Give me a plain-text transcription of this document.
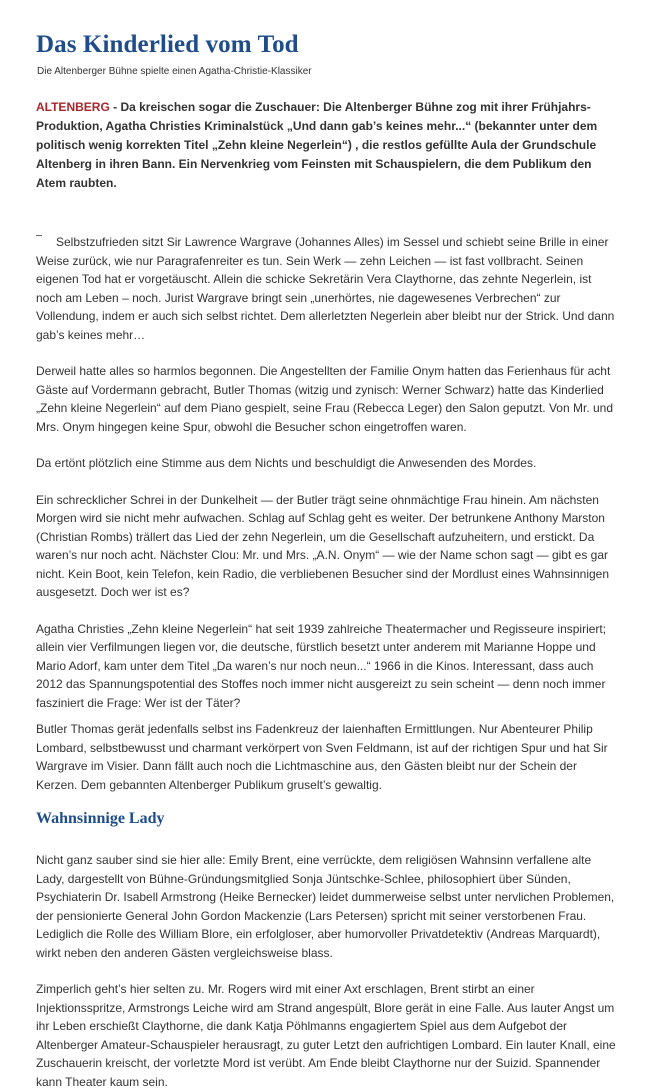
Das Kinderlied vom Tod
Die Altenberger Bühne spielte einen Agatha-Christie-Klassiker

ALTENBERG - Da kreischen sogar die Zuschauer: Die Altenberger Bühne zog mit ihrer Frühjahrs-Produktion, Agatha Christies Kriminalstück „Und dann gab’s keines mehr...“ (bekannter unter dem politisch wenig korrekten Titel „Zehn kleine Negerlein“) , die restlos gefüllte Aula der Grundschule Altenberg in ihren Bann. Ein Nervenkrieg vom Feinsten mit Schauspielern, die dem Publikum den Atem raubten.

Selbstzufrieden sitzt Sir Lawrence Wargrave (Johannes Alles) im Sessel und schiebt seine Brille in einer Weise zurück, wie nur Paragrafenreiter es tun. Sein Werk — zehn Leichen — ist fast vollbracht. Seinen eigenen Tod hat er vorgetäuscht. Allein die schicke Sekretärin Vera Claythorne, das zehnte Negerlein, ist noch am Leben – noch. Jurist Wargrave bringt sein „unerhörtes, nie dagewesenes Verbrechen“ zur Vollendung, indem er auch sich selbst richtet. Dem allerletzten Negerlein aber bleibt nur der Strick. Und dann gab’s keines mehr…

Derweil hatte alles so harmlos begonnen. Die Angestellten der Familie Onym hatten das Ferienhaus für acht Gäste auf Vordermann gebracht, Butler Thomas (witzig und zynisch: Werner Schwarz) hatte das Kinderlied „Zehn kleine Negerlein“ auf dem Piano gespielt, seine Frau (Rebecca Leger) den Salon geputzt. Von Mr. und Mrs. Onym hingegen keine Spur, obwohl die Besucher schon eingetroffen waren.

Da ertönt plötzlich eine Stimme aus dem Nichts und beschuldigt die Anwesenden des Mordes.

Ein schrecklicher Schrei in der Dunkelheit — der Butler trägt seine ohnmächtige Frau hinein. Am nächsten Morgen wird sie nicht mehr aufwachen. Schlag auf Schlag geht es weiter. Der betrunkene Anthony Marston (Christian Rombs) trällert das Lied der zehn Negerlein, um die Gesellschaft aufzuheitern, und erstickt. Da waren’s nur noch acht. Nächster Clou: Mr. und Mrs. „A.N. Onym“ — wie der Name schon sagt — gibt es gar nicht. Kein Boot, kein Telefon, kein Radio, die verbliebenen Besucher sind der Mordlust eines Wahnsinnigen ausgesetzt. Doch wer ist es?

Agatha Christies „Zehn kleine Negerlein“ hat seit 1939 zahlreiche Theatermacher und Regisseure inspiriert; allein vier Verfilmungen liegen vor, die deutsche, fürstlich besetzt unter anderem mit Marianne Hoppe und Mario Adorf, kam unter dem Titel „Da waren’s nur noch neun...“ 1966 in die Kinos. Interessant, dass auch 2012 das Spannungspotential des Stoffes noch immer nicht ausgereizt zu sein scheint — denn noch immer fasziniert die Frage: Wer ist der Täter?

Butler Thomas gerät jedenfalls selbst ins Fadenkreuz der laienhaften Ermittlungen. Nur Abenteurer Philip Lombard, selbstbewusst und charmant verkörpert von Sven Feldmann, ist auf der richtigen Spur und hat Sir Wargrave im Visier. Dann fällt auch noch die Lichtmaschine aus, den Gästen bleibt nur der Schein der Kerzen. Dem gebannten Altenberger Publikum gruselt’s gewaltig.

Wahnsinnige Lady

Nicht ganz sauber sind sie hier alle: Emily Brent, eine verrückte, dem religiösen Wahnsinn verfallene alte Lady, dargestellt von Bühne-Gründungsmitglied Sonja Jüntschke-Schlee, philosophiert über Sünden, Psychiaterin Dr. Isabell Armstrong (Heike Bernecker) leidet dummerweise selbst unter nervlichen Problemen, der pensionierte General John Gordon Mackenzie (Lars Petersen) spricht mit seiner verstorbenen Frau. Lediglich die Rolle des William Blore, ein erfolgloser, aber humorvoller Privatdetektiv (Andreas Marquardt), wirkt neben den anderen Gästen vergleichsweise blass.

Zimperlich geht’s hier selten zu. Mr. Rogers wird mit einer Axt erschlagen, Brent stirbt an einer Injektionsspritze, Armstrongs Leiche wird am Strand angespült, Blore gerät in eine Falle. Aus lauter Angst um ihr Leben erschießt Claythorne, die dank Katja Pöhlmanns engagiertem Spiel aus dem Aufgebot der Altenberger Amateur-Schauspieler herausragt, zu guter Letzt den aufrichtigen Lombard. Ein lauter Knall, eine Zuschauerin kreischt, der vorletzte Mord ist verübt. Am Ende bleibt Claythorne nur der Suizid. Spannender kann Theater kaum sein.
